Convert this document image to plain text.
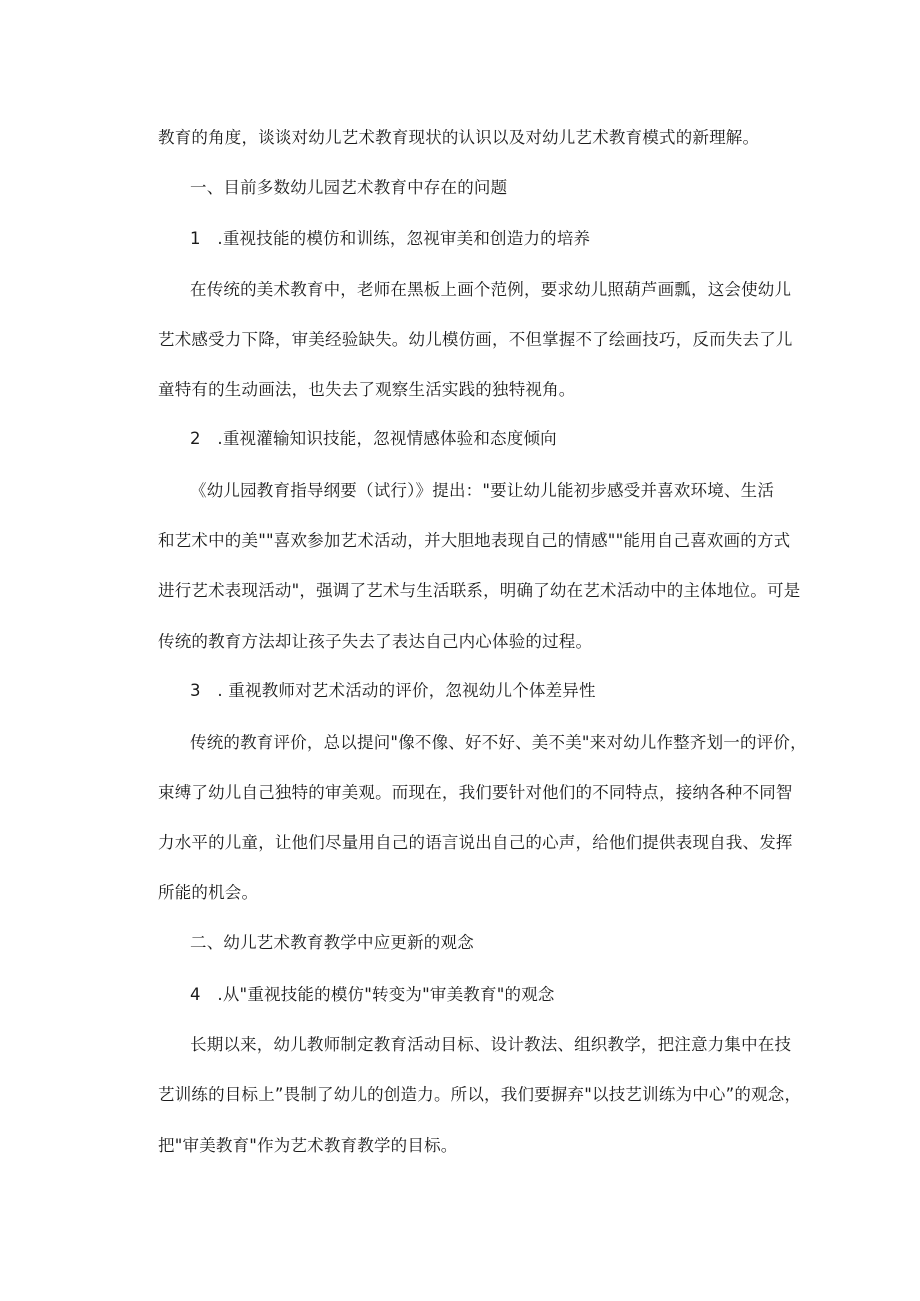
教育的角度，谈谈对幼儿艺术教育现状的认识以及对幼儿艺术教育模式的新理解。
一、目前多数幼儿园艺术教育中存在的问题
1　.重视技能的模仿和训练，忽视审美和创造力的培养
在传统的美术教育中，老师在黑板上画个范例，要求幼儿照葫芦画瓢，这会使幼儿
艺术感受力下降，审美经验缺失。幼儿模仿画，不但掌握不了绘画技巧，反而失去了儿
童特有的生动画法，也失去了观察生活实践的独特视角。
2　.重视灌输知识技能，忽视情感体验和态度倾向
《幼儿园教育指导纲要（试行）》提出："要让幼儿能初步感受并喜欢环境、生活
和艺术中的美""喜欢参加艺术活动，并大胆地表现自己的情感""能用自己喜欢画的方式
进行艺术表现活动"，强调了艺术与生活联系，明确了幼在艺术活动中的主体地位。可是
传统的教育方法却让孩子失去了表达自己内心体验的过程。
3　. 重视教师对艺术活动的评价，忽视幼儿个体差异性
传统的教育评价，总以提问"像不像、好不好、美不美"来对幼儿作整齐划一的评价，
束缚了幼儿自己独特的审美观。而现在，我们要针对他们的不同特点，接纳各种不同智
力水平的儿童，让他们尽量用自己的语言说出自己的心声，给他们提供表现自我、发挥
所能的机会。
二、幼儿艺术教育教学中应更新的观念
4　.从"重视技能的模仿"转变为"审美教育"的观念
长期以来，幼儿教师制定教育活动目标、设计教法、组织教学，把注意力集中在技
艺训练的目标上”畏制了幼儿的创造力。所以，我们要摒弃"以技艺训练为中心”的观念，
把"审美教育"作为艺术教育教学的目标。
